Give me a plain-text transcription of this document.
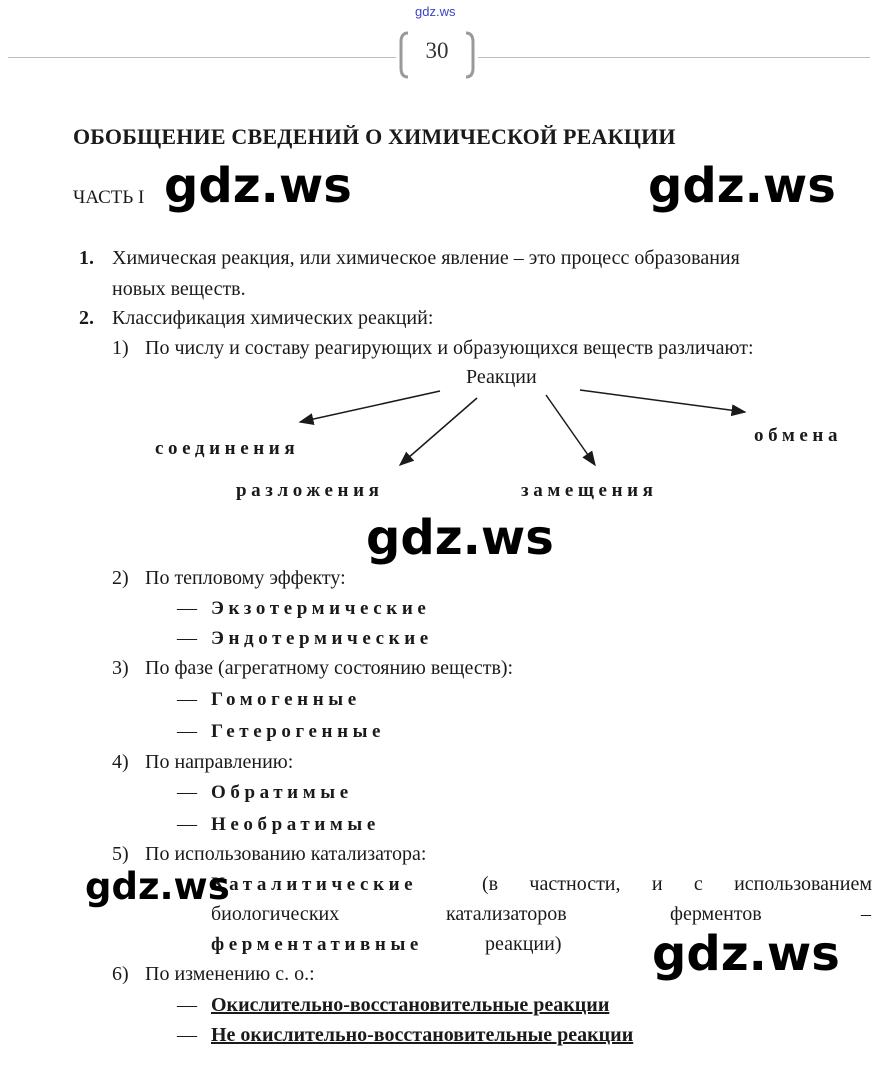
gdz.ws
30
ОБОБЩЕНИЕ СВЕДЕНИЙ О ХИМИЧЕСКОЙ РЕАКЦИИ
ЧАСТЬ I
1. Химическая реакция, или химическое явление – это процесс образования
новых веществ.
2. Классификация химических реакций:
1) По числу и составу реагирующих и образующихся веществ различают:
Реакции
соединения
разложения	замещения
обмена
2) По тепловому эффекту:
— Экзотермические
— Эндотермические
3) По фазе (агрегатному состоянию веществ):
— Гомогенные
— Гетерогенные
4) По направлению:
— Обратимые
— Необратимые
5) По использованию катализатора:
Каталитические	(в частности, и с использованием
биологических	катализаторов	ферментов	–
ферментативные	реакции)
6) По изменению с. о.:
— Окислительно-восстановительные реакции
— Не окислительно-восстановительные реакции
gdz.ws	gdz.ws
gdz.ws
gdz.ws
gdz.ws
